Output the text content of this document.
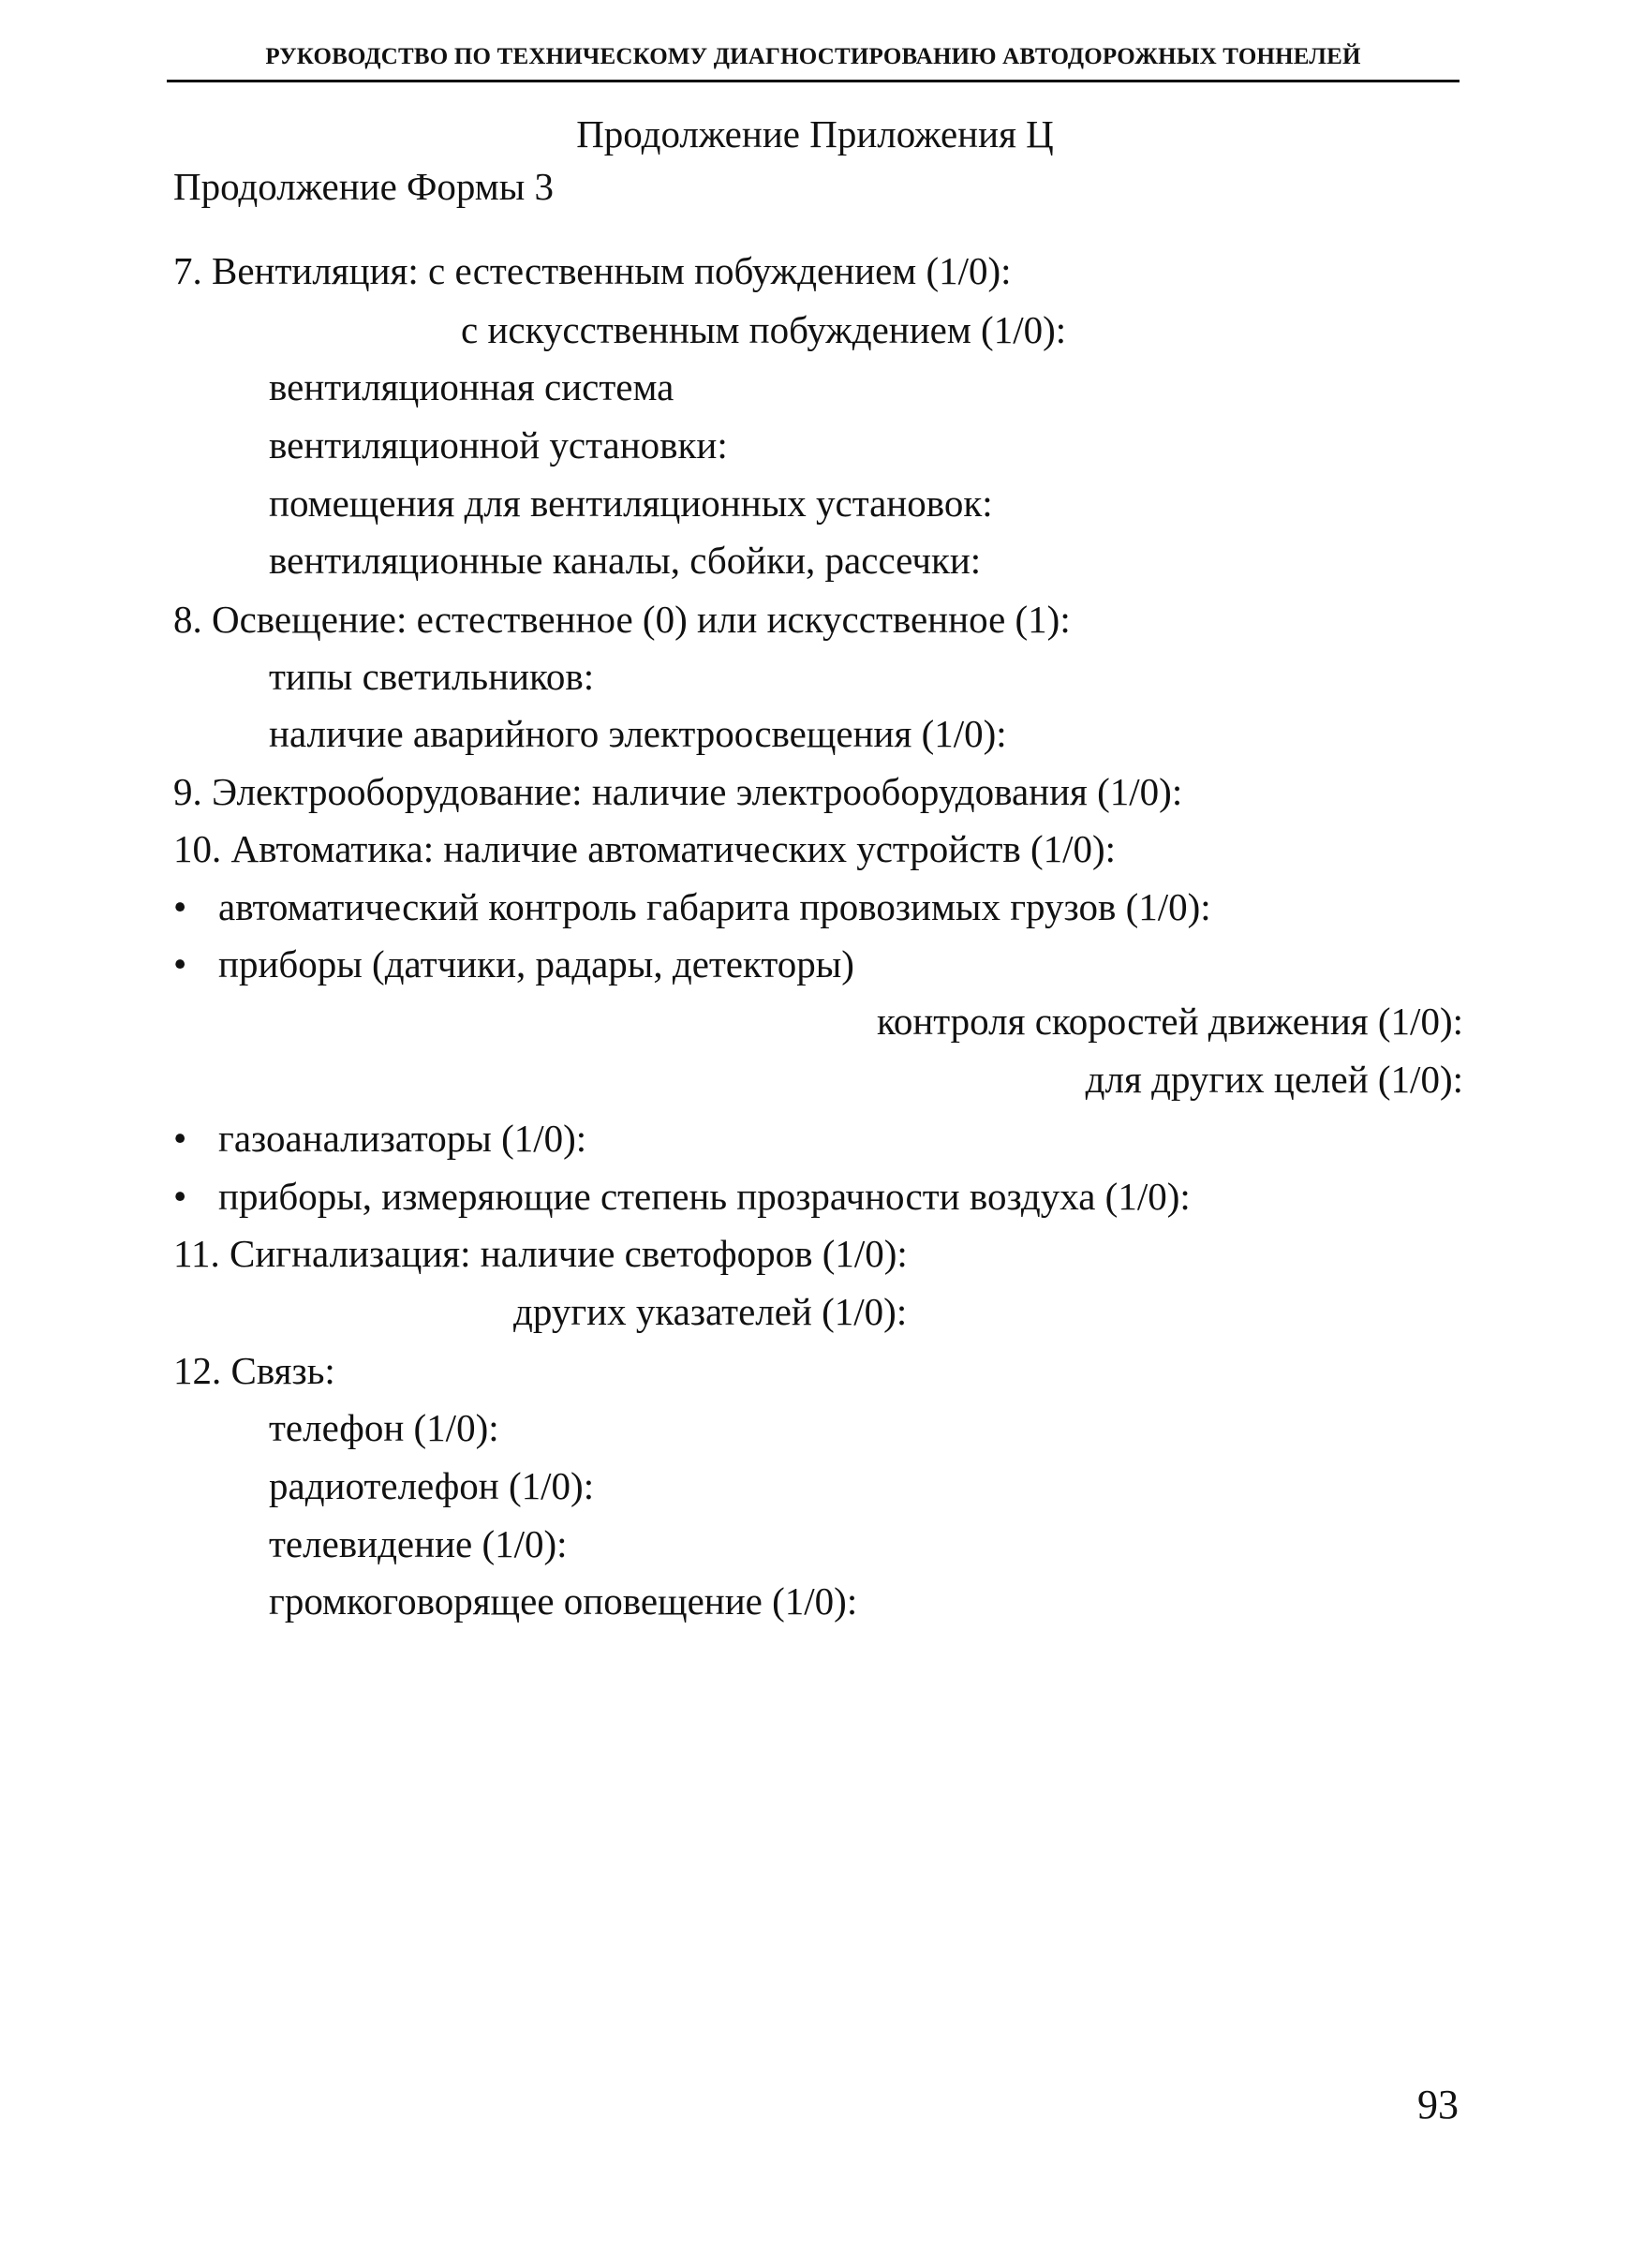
РУКОВОДСТВО ПО ТЕХНИЧЕСКОМУ ДИАГНОСТИРОВАНИЮ АВТОДОРОЖНЫХ ТОННЕЛЕЙ
Продолжение Приложения Ц
Продолжение Формы 3
7. Вентиляция: с естественным побуждением (1/0):
с искусственным побуждением (1/0):
вентиляционная система
вентиляционной установки:
помещения для вентиляционных установок:
вентиляционные каналы, сбойки, рассечки:
8. Освещение: естественное (0) или искусственное (1):
типы светильников:
наличие аварийного электроосвещения (1/0):
9. Электрооборудование: наличие электрооборудования (1/0):
10. Автоматика: наличие автоматических устройств (1/0):
• автоматический контроль габарита провозимых грузов (1/0):
• приборы (датчики, радары, детекторы)
контроля скоростей движения (1/0):
для других целей (1/0):
• газоанализаторы (1/0):
• приборы, измеряющие степень прозрачности воздуха (1/0):
11. Сигнализация: наличие светофоров (1/0):
других указателей (1/0):
12. Связь:
телефон (1/0):
радиотелефон (1/0):
телевидение (1/0):
громкоговорящее оповещение (1/0):
93
